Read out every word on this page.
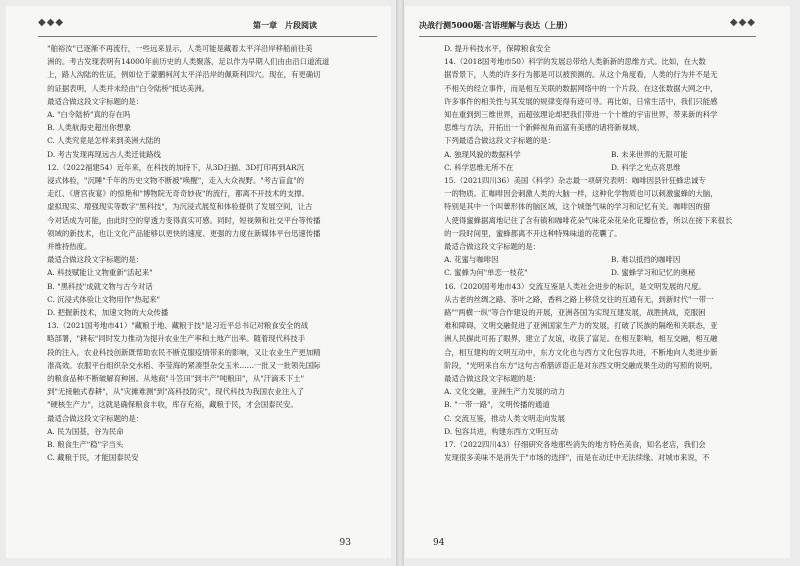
◆◆◆	第一章　片段阅读

"舶裕汝"已逐渐不再流行，一些远来显示，人类可能是藏着太平洋沿岸移船前往美

洲的。考古发现表明有14000年前历史的人类聚落，足以作为早期人们由由沿口道流道

上，路人沟陆的佐证，例如位于蒙鹏柯河太平洋沿岸的佩斯利四穴。现在，有更确切

的证据表明，人类并未经由"白令陆桥"抵达美洲。

最适合做这段文字标题的是：

A. "白令陆桥"真的存在吗

B. 人类航海史超出你想象

C. 人类究竟是怎样来到美洲大陆的

D. 考古发现再现远古人类迁徙路线

12.（2022福建54）近年来，在科技的加持下，从3D扫描、3D打印再到AR沉

浸式体验，"沉睡"千年的历史文物不断被"唤醒"，走入大众视野。"考古盲盒"的

走红、《唐宫夜宴》的惊艳和"博物院无奇奇妙夜"的流行，都离不开技术的支撑。

虚拟现实、增强现实等数字"黑科技"，为沉浸式展览和体验提供了发展空间，让古

今对话成为可能，由此时空的穿透力变得真实可感。同时，短视频和社交平台等传播

领域的新技术，也让文化产品能够以更快的速度、更强的力度在新媒体平台迅速传播

并维持热度。

最适合做这段文字标题的是：

A. 科技赋能让文物重新"活起来"

B. "黑科技"成就文物与古今对话

C. 沉浸式体验让文物用作"热起来"

D. 把握新技术，加速文物的大众传播

13.（2021国考地市41）"藏粮于地、藏粮于技"是习近平总书记对粮食安全的战

略部署，"耕耘"同时发力推动为提升农业生产率和土地产出率。随着现代科技手

段的注入，农业科技创新既帮助农民不断克服疫情带来的影响，又让农业生产更加精

准高效。农服平台组织杂交水稻、李莹海的紧凑型杂交玉米……一批又一批领先国际

的粮食品种不断破解育种困。从地商"斗笠田"到丰产"吨粮田"，从"汗滴禾下土"

到"无接触式春耕"，从"灾摊难测"到"高科技防灾"，现代科技为我国农业注入了

"硬核生产力"，这就是确保粮食丰收，库存充裕，藏粮于民，才会国泰民安。

最适合做这段文字标题的是：

A. 民为国基，谷为民命

B. 粮食生产"稳"字当头

C. 藏粮于民，才能国泰民安

93
决战行测5000题·言语理解与表达（上册）	◆◆◆

D. 提升科技水平，保障粮食安全

14.（2018国考地市50）科学的发展总带给人类新新的思维方式。比如，在大数

据背景下，人类的许多行为都是可以被预测的。从这个角度看，人类的行为并不是无

不相关的经立事件，而是相互关联的数据网络中的一个片段。在这张数据大网之中，

许多事件的相关性与其发展的规律变得有迹可寻。再比如，日常生活中，我们只能感

知在重到到三维世界，而超弦理论却把我们带进一个十维的宇宙世界，带来新的科学

思维与方法，开拓出一个新鲜视角而富有美感的诸将新视域。

下列最适合做这段文字标题的是：

A. 独现风貌的数据科学	B. 未来世界的无限可能

C. 科学思维无所不在	D. 科学之光点亮思维

15.（2021四川36）美国《科学》杂志最一项研究表明：咖啡因县针狂蜂忠诚专

一的物质。汇咖啡因会刺激人类的大脑一样，这种化学物质也可以刺激蜜蜂的大脑，

特别是其中一个叫蕈形体的脑区域，这个城堡气味的学习和记忆有关。咖啡因的猎

人使得蜜蜂据离地记住了含有镇和咖啡花朵气味花朵花朵化花瓣位香，所以在接下来很长

的一段时间里，蜜蜂都离不开这种特殊味道的花囊了。

最适合做这段文字标题的是：

A. 花蜜与咖啡因	B. 难以抵挡的咖啡因

C. 蜜蜂为何"单恋一枝花"	D. 蜜蜂学习和记忆的奥秘

16.（2020国考地市43）交流互鉴是人类社会进步的标识，是文明发展的尺度。

从古老的丝绸之路、茶叶之路，香料之路上移货交往的互通有无，到新时代"一带一

路""两横一纵"等合作建设的开展，亚洲各国为实现互建发展，战胜挑战，克服困

难和障碍，文明交融促进了亚洲国家生产力的发展，打破了民族的隔绝和关联态，亚

洲人民摒此可拓了眼界，建立了友谊，收获了富足。在相互影响，相互交融，相互融

合，相互建构的文明互动中，东方文化也与西方文化包容共进，不断地向人类进步新

阶段，"光明来自东方"这句古希腊谚语正是对东西文明交融成果生动的写照的说明。

最适合做这段文字标题的是：

A. 文化交融，亚洲生产力发展的动力

B. "一带一路"，文明传播的通道

C. 交流互鉴，推动人类文明走向发展

D. 包容共进，构建东西方文明互动

17.（2022四川43）仔细研究各地那些消失的地方特色美食，知名老店，我们会

发现很多美味不是消失于"市场的选择"，而是在动迁中无法续缘。对城市来说，不

94
